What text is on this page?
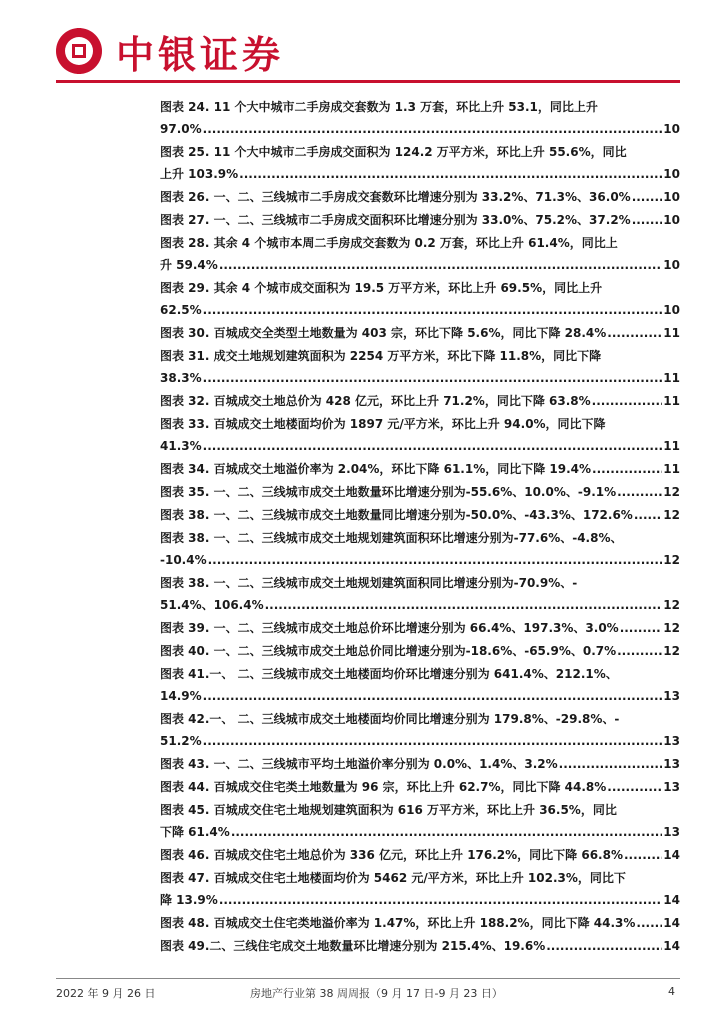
中银证券
图表 24. 11 个大中城市二手房成交套数为 1.3 万套，环比上升 53.1，同比上升
97.0% .....	10
图表 25. 11 个大中城市二手房成交面积为 124.2 万平方米，环比上升 55.6%，同比
上升 103.9% .....	10
图表 26. 一、二、三线城市二手房成交套数环比增速分别为 33.2%、71.3%、36.0% .....	10
图表 27. 一、二、三线城市二手房成交面积环比增速分别为 33.0%、75.2%、37.2% .....	10
图表 28. 其余 4 个城市本周二手房成交套数为 0.2 万套，环比上升 61.4%，同比上
升 59.4% .....	10
图表 29. 其余 4 个城市成交面积为 19.5 万平方米，环比上升 69.5%，同比上升
62.5% .....	10
图表 30. 百城成交全类型土地数量为 403 宗，环比下降 5.6%，同比下降 28.4% .....	11
图表 31. 成交土地规划建筑面积为 2254 万平方米，环比下降 11.8%，同比下降
38.3% .....	11
图表 32. 百城成交土地总价为 428 亿元，环比上升 71.2%，同比下降 63.8% .....	11
图表 33. 百城成交土地楼面均价为 1897 元/平方米，环比上升 94.0%，同比下降
41.3% .....	11
图表 34. 百城成交土地溢价率为 2.04%，环比下降 61.1%，同比下降 19.4% .....	11
图表 35. 一、二、三线城市成交土地数量环比增速分别为-55.6%、10.0%、-9.1% .....	12
图表 38. 一、二、三线城市成交土地数量同比增速分别为-50.0%、-43.3%、172.6% .....	12
图表 38. 一、二、三线城市成交土地规划建筑面积环比增速分别为-77.6%、-4.8%、
-10.4% .....	12
图表 38. 一、二、三线城市成交土地规划建筑面积同比增速分别为-70.9%、-
51.4%、106.4% .....	12
图表 39. 一、二、三线城市成交土地总价环比增速分别为 66.4%、197.3%、3.0% .....	12
图表 40. 一、二、三线城市成交土地总价同比增速分别为-18.6%、-65.9%、0.7% .....	12
图表 41.一、 二、三线城市成交土地楼面均价环比增速分别为 641.4%、212.1%、
14.9% .....	13
图表 42.一、 二、三线城市成交土地楼面均价同比增速分别为 179.8%、-29.8%、-
51.2% .....	13
图表 43. 一、二、三线城市平均土地溢价率分别为 0.0%、1.4%、3.2% .....	13
图表 44. 百城成交住宅类土地数量为 96 宗，环比上升 62.7%，同比下降 44.8% .....	13
图表 45. 百城成交住宅土地规划建筑面积为 616 万平方米，环比上升 36.5%，同比
下降 61.4% .....	13
图表 46. 百城成交住宅土地总价为 336 亿元，环比上升 176.2%，同比下降 66.8% .....	14
图表 47. 百城成交住宅土地楼面均价为 5462 元/平方米，环比上升 102.3%，同比下
降 13.9% .....	14
图表 48. 百城成交土住宅类地溢价率为 1.47%，环比上升 188.2%，同比下降 44.3% ..... 14
图表 49.二、三线住宅成交土地数量环比增速分别为 215.4%、19.6% .....	14
2022 年 9 月 26 日	房地产行业第 38 周周报（9 月 17 日-9 月 23 日）	4
